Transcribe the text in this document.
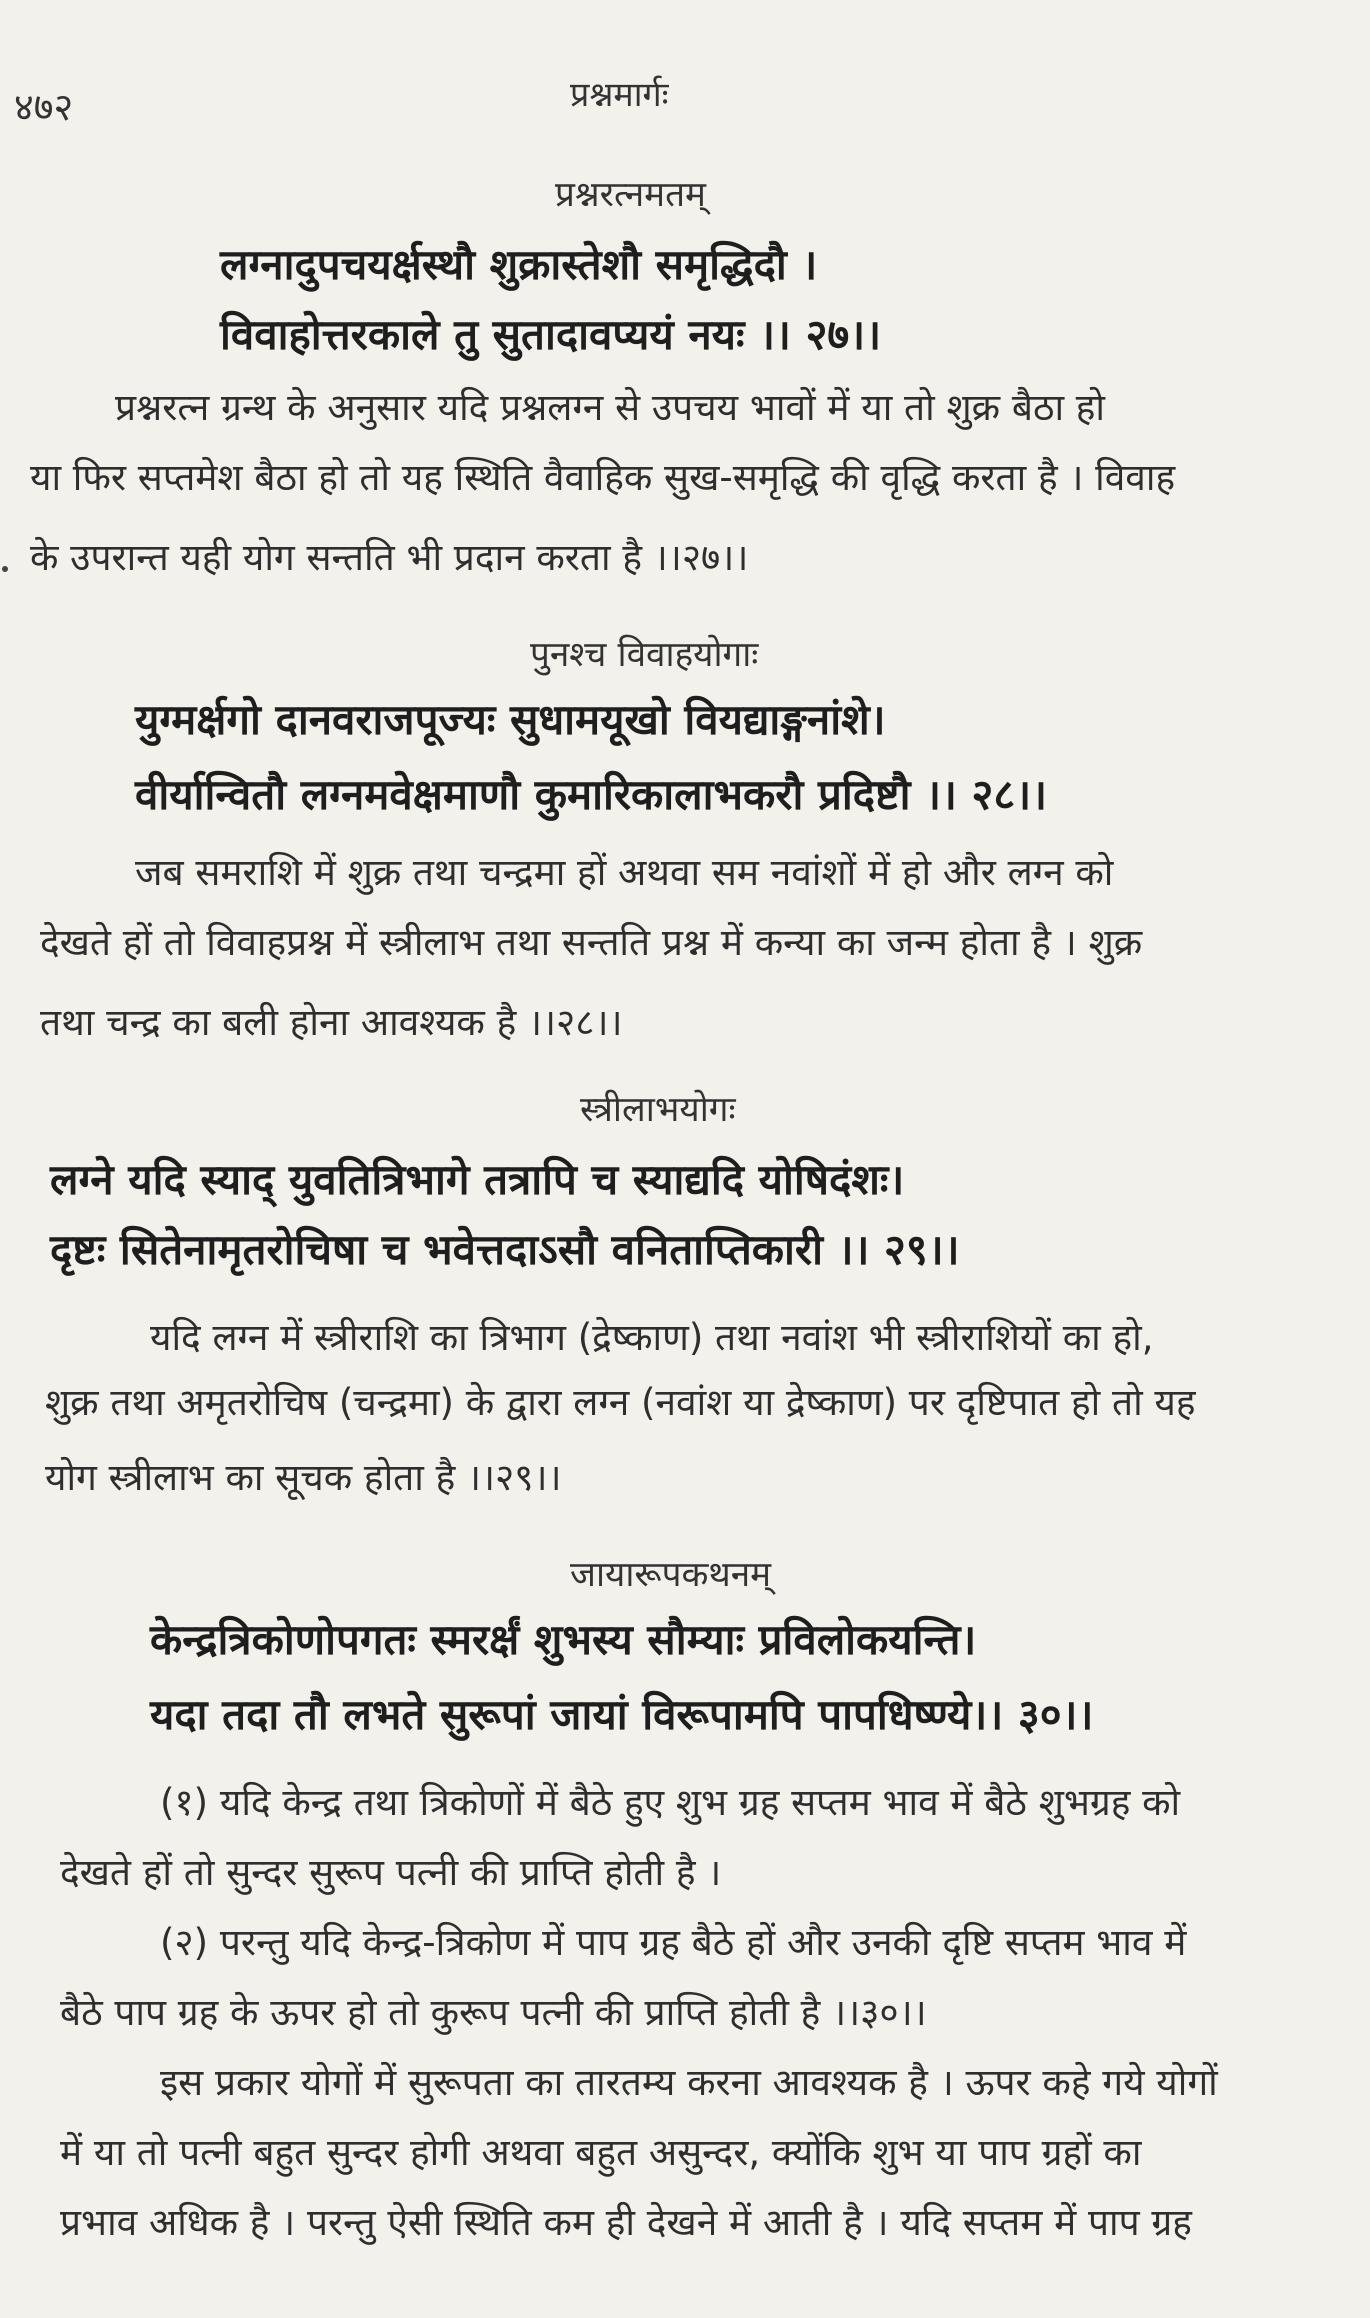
४७२	प्रश्नमार्गः
प्रश्नरत्नमतम्
लग्नादुपचयर्क्षस्थौ शुक्रास्तेशौ समृद्धिदौ ।
विवाहोत्तरकाले तु सुतादावप्ययं नयः ।। २७।।
प्रश्नरत्न ग्रन्थ के अनुसार यदि प्रश्नलग्न से उपचय भावों में या तो शुक्र बैठा हो
या फिर सप्तमेश बैठा हो तो यह स्थिति वैवाहिक सुख-समृद्धि की वृद्धि करता है । विवाह
के उपरान्त यही योग सन्तति भी प्रदान करता है ।।२७।।
पुनश्च विवाहयोगाः
युग्मर्क्षगो दानवराजपूज्यः सुधामयूखो वियद्याङ्गनांशे।
वीर्यान्वितौ लग्नमवेक्षमाणौ कुमारिकालाभकरौ प्रदिष्टौ ।। २८।।
जब समराशि में शुक्र तथा चन्द्रमा हों अथवा सम नवांशों में हो और लग्न को
देखते हों तो विवाहप्रश्न में स्त्रीलाभ तथा सन्तति प्रश्न में कन्या का जन्म होता है । शुक्र
तथा चन्द्र का बली होना आवश्यक है ।।२८।।
स्त्रीलाभयोगः
लग्ने यदि स्याद् युवतित्रिभागे तत्रापि च स्याद्यदि योषिदंशः।
दृष्टः सितेनामृतरोचिषा च भवेत्तदाऽसौ वनिताप्तिकारी ।। २९।।
यदि लग्न में स्त्रीराशि का त्रिभाग (द्रेष्काण) तथा नवांश भी स्त्रीराशियों का हो,
शुक्र तथा अमृतरोचिष (चन्द्रमा) के द्वारा लग्न (नवांश या द्रेष्काण) पर दृष्टिपात हो तो यह
योग स्त्रीलाभ का सूचक होता है ।।२९।।
जायारूपकथनम्
केन्द्रत्रिकोणोपगतः स्मरर्क्षं शुभस्य सौम्याः प्रविलोकयन्ति।
यदा तदा तौ लभते सुरूपां जायां विरूपामपि पापधिष्ण्ये।। ३०।।
(१) यदि केन्द्र तथा त्रिकोणों में बैठे हुए शुभ ग्रह सप्तम भाव में बैठे शुभग्रह को
देखते हों तो सुन्दर सुरूप पत्नी की प्राप्ति होती है ।
(२) परन्तु यदि केन्द्र-त्रिकोण में पाप ग्रह बैठे हों और उनकी दृष्टि सप्तम भाव में
बैठे पाप ग्रह के ऊपर हो तो कुरूप पत्नी की प्राप्ति होती है ।।३०।।
इस प्रकार योगों में सुरूपता का तारतम्य करना आवश्यक है । ऊपर कहे गये योगों
में या तो पत्नी बहुत सुन्दर होगी अथवा बहुत असुन्दर, क्योंकि शुभ या पाप ग्रहों का
प्रभाव अधिक है । परन्तु ऐसी स्थिति कम ही देखने में आती है । यदि सप्तम में पाप ग्रह
